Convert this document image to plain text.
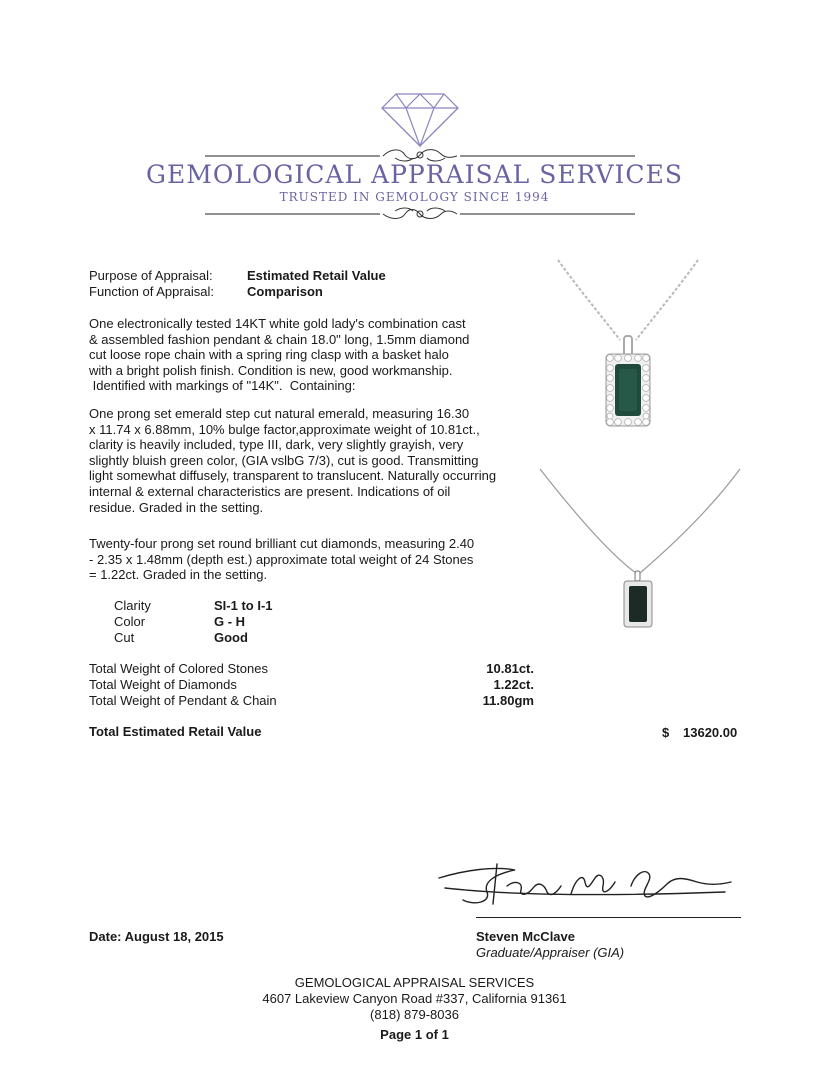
GEMOLOGICAL APPRAISAL SERVICES
TRUSTED IN GEMOLOGY SINCE 1994
Purpose of Appraisal:	Estimated Retail Value
Function of Appraisal:	Comparison
One electronically tested 14KT white gold lady's combination cast
& assembled fashion pendant & chain 18.0" long, 1.5mm diamond
cut loose rope chain with a spring ring clasp with a basket halo
with a bright polish finish. Condition is new, good workmanship.
Identified with markings of "14K".  Containing:
One prong set emerald step cut natural emerald, measuring 16.30
x 11.74 x 6.88mm, 10% bulge factor,approximate weight of 10.81ct.,
clarity is heavily included, type III, dark, very slightly grayish, very
slightly bluish green color, (GIA vslbG 7/3), cut is good. Transmitting
light somewhat diffusely, transparent to translucent. Naturally occurring
internal & external characteristics are present. Indications of oil
residue. Graded in the setting.
Twenty-four prong set round brilliant cut diamonds, measuring 2.40
- 2.35 x 1.48mm (depth est.) approximate total weight of 24 Stones
= 1.22ct. Graded in the setting.
Clarity	SI-1 to I-1
Color	G - H
Cut	Good
Total Weight of Colored Stones	10.81ct.
Total Weight of Diamonds	1.22ct.
Total Weight of Pendant & Chain	11.80gm
Total Estimated Retail Value	$ 13620.00
Date: August 18, 2015	Steven McClave
Graduate/Appraiser (GIA)
GEMOLOGICAL APPRAISAL SERVICES
4607 Lakeview Canyon Road #337, California 91361
(818) 879-8036
Page 1 of 1
